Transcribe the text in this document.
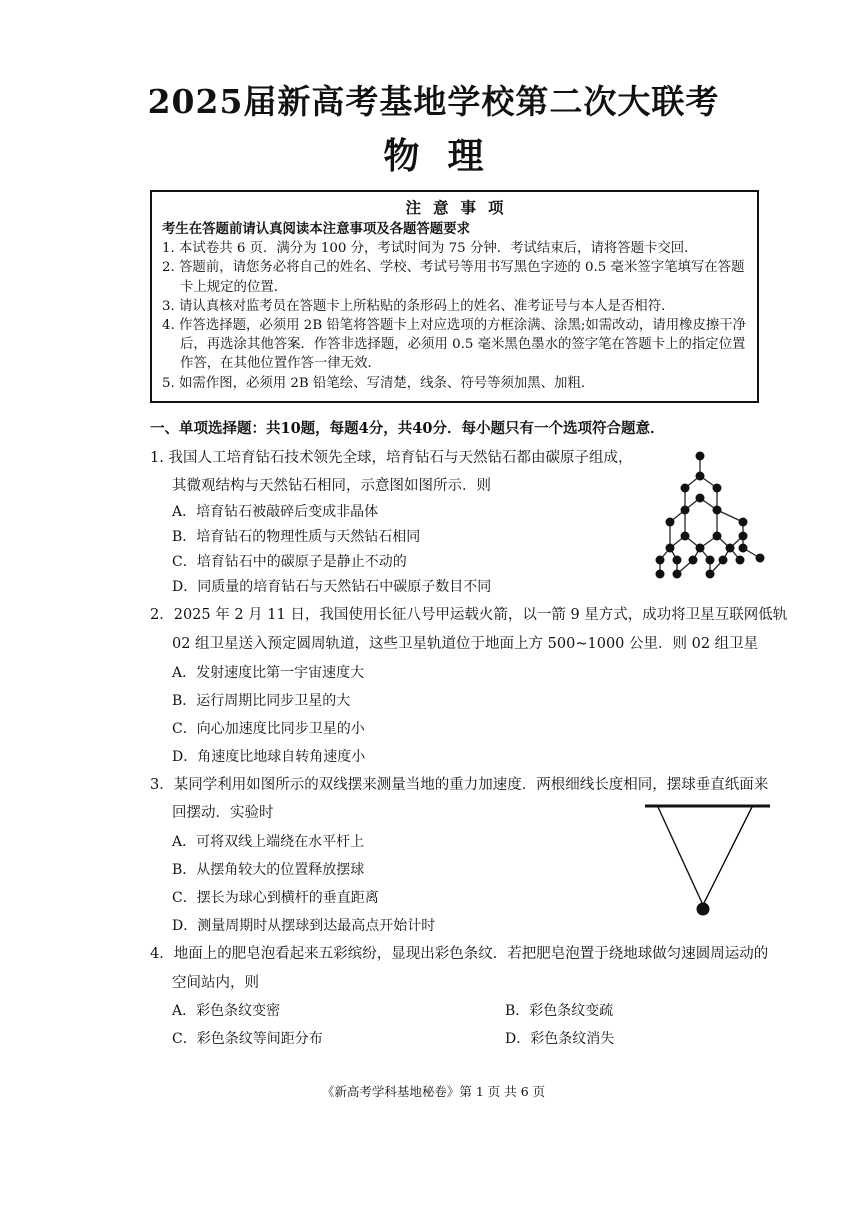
2025届新高考基地学校第二次大联考
物理
注意事项
考生在答题前请认真阅读本注意事项及各题答题要求
1. 本试卷共 6 页．满分为 100 分，考试时间为 75 分钟．考试结束后，请将答题卡交回．
2. 答题前，请您务必将自己的姓名、学校、考试号等用书写黑色字迹的 0.5 毫米签字笔填写在答题卡上规定的位置．
3. 请认真核对监考员在答题卡上所粘贴的条形码上的姓名、准考证号与本人是否相符．
4. 作答选择题，必须用 2B 铅笔将答题卡上对应选项的方框涂满、涂黑;如需改动，请用橡皮擦干净后，再选涂其他答案．作答非选择题，必须用 0.5 毫米黑色墨水的签字笔在答题卡上的指定位置作答，在其他位置作答一律无效．
5. 如需作图，必须用 2B 铅笔绘、写清楚，线条、符号等须加黑、加粗．
一、单项选择题：共10题，每题4分，共40分．每小题只有一个选项符合题意．
1. 我国人工培育钻石技术领先全球，培育钻石与天然钻石都由碳原子组成，
其微观结构与天然钻石相同，示意图如图所示．则
A．培育钻石被敲碎后变成非晶体
B．培育钻石的物理性质与天然钻石相同
C．培育钻石中的碳原子是静止不动的
D．同质量的培育钻石与天然钻石中碳原子数目不同
2．2025 年 2 月 11 日，我国使用长征八号甲运载火箭，以一箭 9 星方式，成功将卫星互联网低轨
02 组卫星送入预定圆周轨道，这些卫星轨道位于地面上方 500~1000 公里．则 02 组卫星
A．发射速度比第一宇宙速度大
B．运行周期比同步卫星的大
C．向心加速度比同步卫星的小
D．角速度比地球自转角速度小
3．某同学利用如图所示的双线摆来测量当地的重力加速度．两根细线长度相同，摆球垂直纸面来
回摆动．实验时
A．可将双线上端绕在水平杆上
B．从摆角较大的位置释放摆球
C．摆长为球心到横杆的垂直距离
D．测量周期时从摆球到达最高点开始计时
4．地面上的肥皂泡看起来五彩缤纷，显现出彩色条纹．若把肥皂泡置于绕地球做匀速圆周运动的
空间站内，则
A．彩色条纹变密	B．彩色条纹变疏
C．彩色条纹等间距分布	D．彩色条纹消失
《新高考学科基地秘卷》第 1 页 共 6 页
